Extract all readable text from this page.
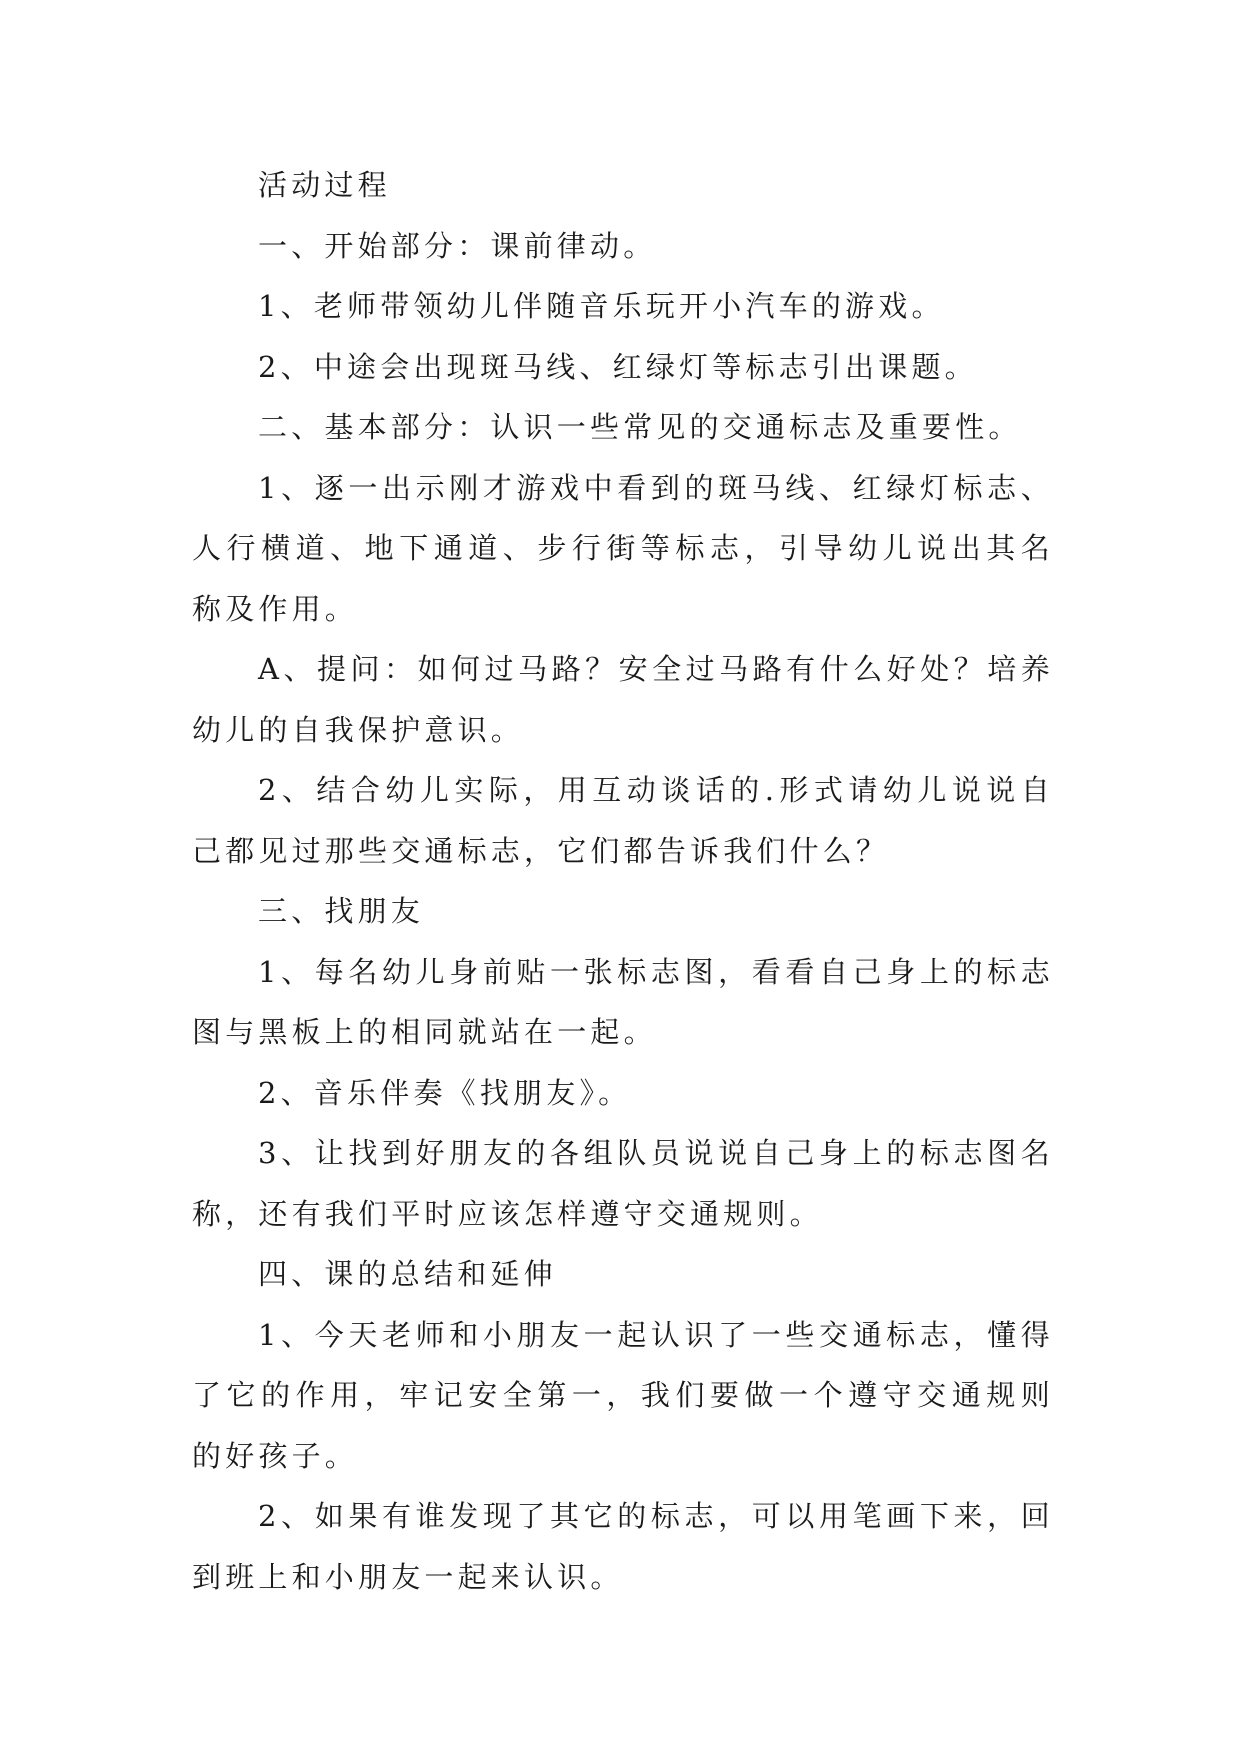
活动过程

一、开始部分：课前律动。

1、老师带领幼儿伴随音乐玩开小汽车的游戏。

2、中途会出现斑马线、红绿灯等标志引出课题。

二、基本部分：认识一些常见的交通标志及重要性。

1、逐一出示刚才游戏中看到的斑马线、红绿灯标志、人行横道、地下通道、步行街等标志，引导幼儿说出其名称及作用。

A、提问：如何过马路？安全过马路有什么好处？培养幼儿的自我保护意识。

2、结合幼儿实际，用互动谈话的.形式请幼儿说说自己都见过那些交通标志，它们都告诉我们什么？

三、找朋友

1、每名幼儿身前贴一张标志图，看看自己身上的标志图与黑板上的相同就站在一起。

2、音乐伴奏《找朋友》。

3、让找到好朋友的各组队员说说自己身上的标志图名称，还有我们平时应该怎样遵守交通规则。

四、课的总结和延伸

1、今天老师和小朋友一起认识了一些交通标志，懂得了它的作用，牢记安全第一，我们要做一个遵守交通规则的好孩子。

2、如果有谁发现了其它的标志，可以用笔画下来，回到班上和小朋友一起来认识。
